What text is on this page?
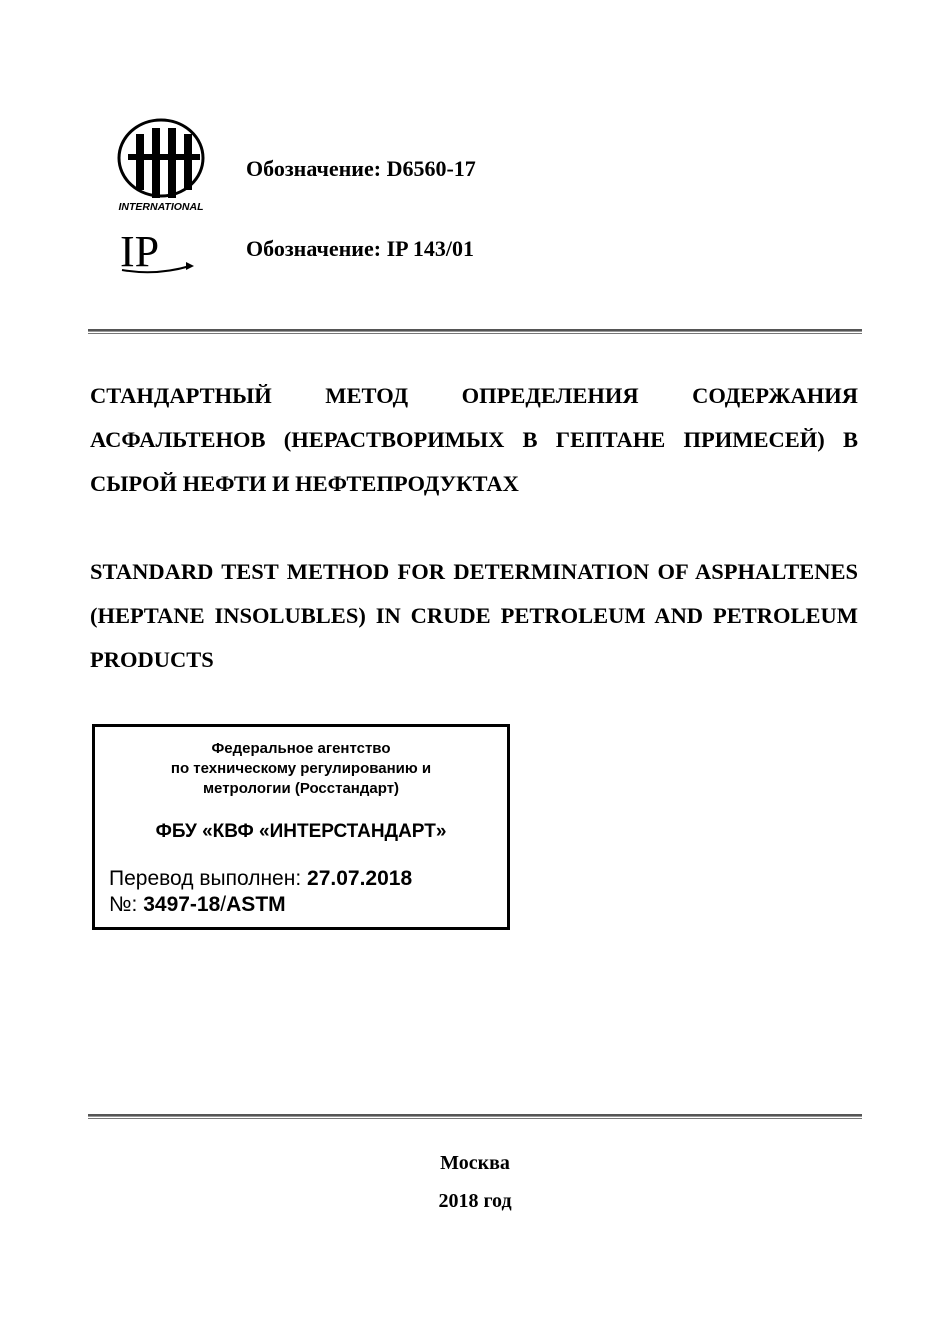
INTERNATIONAL
IP
Обозначение: D6560-17
Обозначение: IP 143/01
СТАНДАРТНЫЙ МЕТОД ОПРЕДЕЛЕНИЯ СОДЕРЖАНИЯ АСФАЛЬТЕНОВ (НЕРАСТВОРИМЫХ В ГЕПТАНЕ ПРИМЕСЕЙ) В СЫРОЙ НЕФТИ И НЕФТЕПРОДУКТАХ
STANDARD TEST METHOD FOR DETERMINATION OF ASPHALTENES (HEPTANE INSOLUBLES) IN CRUDE PETROLEUM AND PETROLEUM PRODUCTS
Федеральное агентство
по техническому регулированию и
метрологии (Росстандарт)
ФБУ «КВФ «ИНТЕРСТАНДАРТ»
Перевод выполнен: 27.07.2018
№: 3497-18/ASTM
Москва
2018 год
